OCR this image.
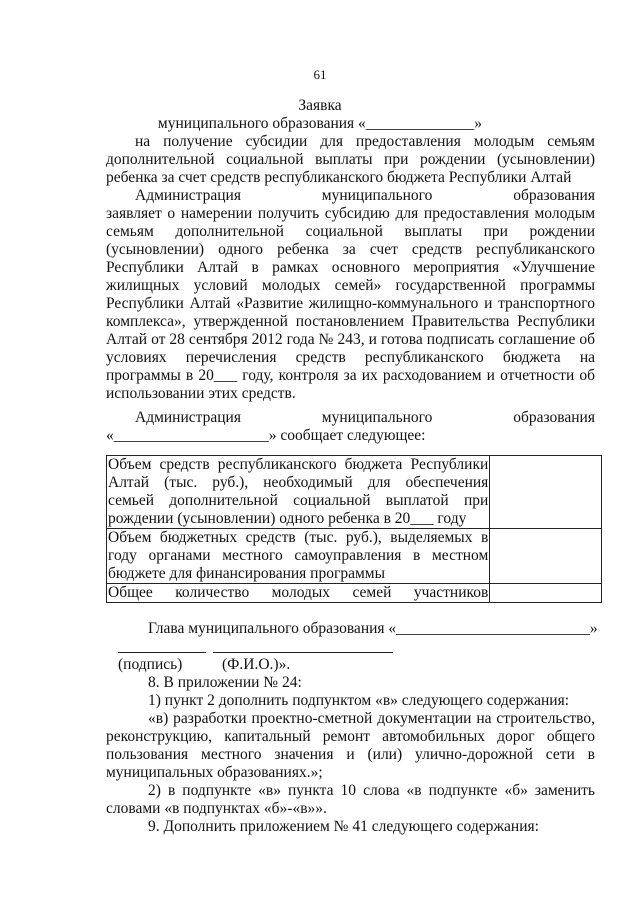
61
Заявка
муниципального образования «______________»
на получение субсидии для предоставления молодым семьям
дополнительной социальной выплаты при рождении (усыновлении)
ребенка за счет средств республиканского бюджета Республики Алтай
Администрация муниципального образования
заявляет о намерении получить субсидию для предоставления молодым
семьям дополнительной социальной выплаты при рождении
(усыновлении) одного ребенка за счет средств республиканского
Республики Алтай в рамках основного мероприятия «Улучшение
жилищных условий молодых семей» государственной программы
Республики Алтай «Развитие жилищно-коммунального и транспортного
комплекса», утвержденной постановлением Правительства Республики
Алтай от 28 сентября 2012 года № 243, и готова подписать соглашение об
условиях перечисления средств республиканского бюджета на
программы в 20___ году, контроля за их расходованием и отчетности об
использовании этих средств.
Администрация муниципального образования
«____________________» сообщает следующее:
Объем средств республиканского бюджета Республики
Алтай (тыс. руб.), необходимый для обеспечения
семьей дополнительной социальной выплатой при
рождении (усыновлении) одного ребенка в 20___ году	

Объем бюджетных средств (тыс. руб.), выделяемых в
году органами местного самоуправления в местном
бюджете для финансирования программы	

Общее количество молодых семей участников	

Глава муниципального образования «_________________________»
(подпись)	(Ф.И.О.)».
8. В приложении № 24:
1) пункт 2 дополнить подпунктом «в» следующего содержания:
«в) разработки проектно-сметной документации на строительство,
реконструкцию, капитальный ремонт автомобильных дорог общего
пользования местного значения и (или) улично-дорожной сети в
муниципальных образованиях.»;
2) в подпункте «в» пункта 10 слова «в подпункте «б» заменить
словами «в подпунктах «б»-«в»».
9. Дополнить приложением № 41 следующего содержания:
